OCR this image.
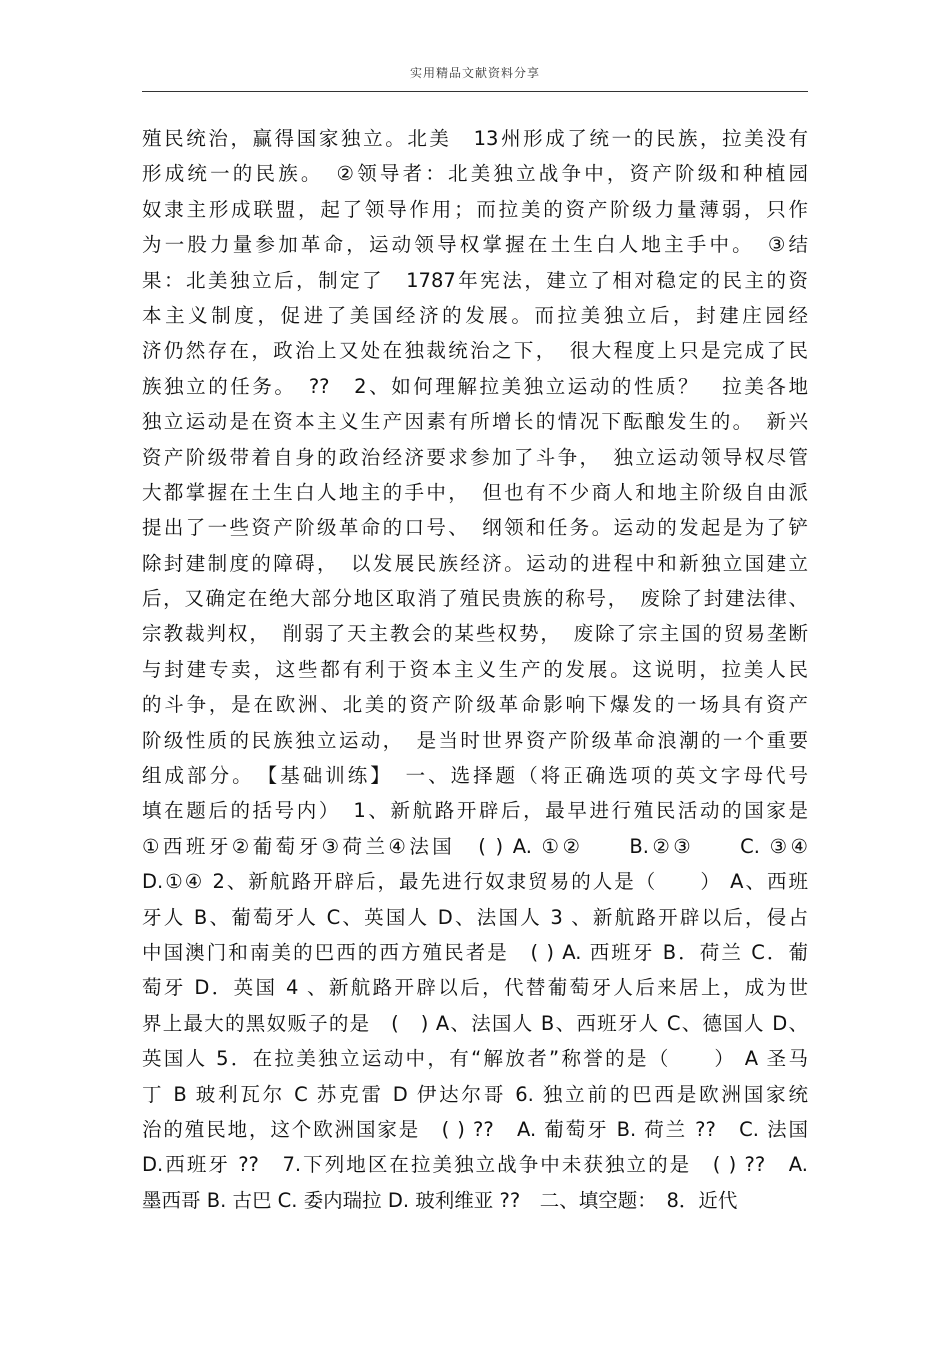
实用精品文献资料分享
殖民统治，赢得国家独立。北美　13州形成了统一的民族，拉美没有
形成统一的民族。　②领导者：北美独立战争中，资产阶级和种植园
奴隶主形成联盟，起了领导作用；而拉美的资产阶级力量薄弱，只作
为一股力量参加革命，运动领导权掌握在土生白人地主手中。　③结
果：北美独立后，制定了　1787年宪法，建立了相对稳定的民主的资
本主义制度，促进了美国经济的发展。而拉美独立后，封建庄园经
济仍然存在，政治上又处在独裁统治之下，　很大程度上只是完成了民
族独立的任务。　??　2、如何理解拉美独立运动的性质？　拉美各地
独立运动是在资本主义生产因素有所增长的情况下酝酿发生的。　新兴
资产阶级带着自身的政治经济要求参加了斗争，　独立运动领导权尽管
大都掌握在土生白人地主的手中，　但也有不少商人和地主阶级自由派
提出了一些资产阶级革命的口号、　纲领和任务。运动的发起是为了铲
除封建制度的障碍，　以发展民族经济。运动的进程中和新独立国建立
后，又确定在绝大部分地区取消了殖民贵族的称号，　废除了封建法律、
宗教裁判权，　削弱了天主教会的某些权势，　废除了宗主国的贸易垄断
与封建专卖，这些都有利于资本主义生产的发展。这说明，拉美人民
的斗争，是在欧洲、北美的资产阶级革命影响下爆发的一场具有资产
阶级性质的民族独立运动，　是当时世界资产阶级革命浪潮的一个重要
组成部分。　【基础训练】　一、选择题（将正确选项的英文字母代号
填在题后的括号内）　1、新航路开辟后，最早进行殖民活动的国家是
①西班牙②葡萄牙③荷兰④法国　( ) A. ①②　　B.②③　　C. ③④
D.①④ 2、新航路开辟后，最先进行奴隶贸易的人是（　　） A、西班
牙人 B、葡萄牙人 C、英国人 D、法国人 3 、新航路开辟以后，侵占
中国澳门和南美的巴西的西方殖民者是　( ) A. 西班牙 B．荷兰 C．葡
萄牙 D．英国 4 、新航路开辟以后，代替葡萄牙人后来居上，成为世
界上最大的黑奴贩子的是　(　) A、法国人 B、西班牙人 C、德国人 D、
英国人 5．在拉美独立运动中，有“解放者”称誉的是（　　） A 圣马
丁 B 玻利瓦尔 C 苏克雷 D 伊达尔哥 6. 独立前的巴西是欧洲国家统
治的殖民地，这个欧洲国家是　( ) ??　A. 葡萄牙 B. 荷兰 ??　C. 法国
D.西班牙 ??　7.下列地区在拉美独立战争中未获独立的是　( ) ??　A.
墨西哥 B. 古巴 C. 委内瑞拉 D. 玻利维亚 ??　二、填空题：　8．近代
